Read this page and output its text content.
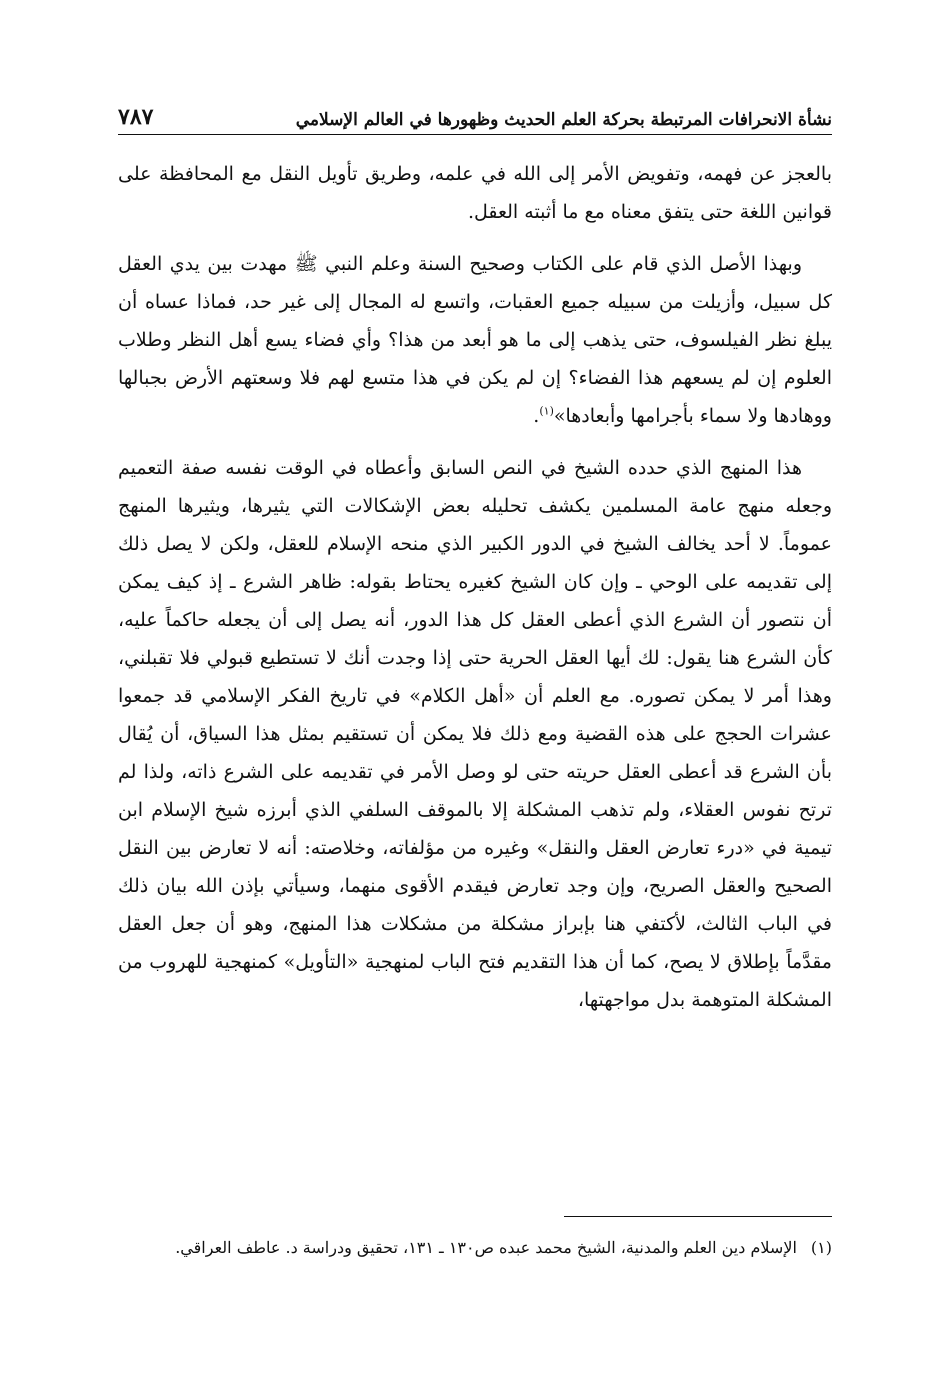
نشأة الانحرافات المرتبطة بحركة العلم الحديث وظهورها في العالم الإسلامي
٧٨٧

بالعجز عن فهمه، وتفويض الأمر إلى الله في علمه، وطريق تأويل النقل مع المحافظة على قوانين اللغة حتى يتفق معناه مع ما أثبته العقل.

وبهذا الأصل الذي قام على الكتاب وصحيح السنة وعلم النبي ﷺ مهدت بين يدي العقل كل سبيل، وأزيلت من سبيله جميع العقبات، واتسع له المجال إلى غير حد، فماذا عساه أن يبلغ نظر الفيلسوف، حتى يذهب إلى ما هو أبعد من هذا؟ وأي فضاء يسع أهل النظر وطلاب العلوم إن لم يسعهم هذا الفضاء؟ إن لم يكن في هذا متسع لهم فلا وسعتهم الأرض بجبالها ووهادها ولا سماء بأجرامها وأبعادها»$^{(١)}$.

هذا المنهج الذي حدده الشيخ في النص السابق وأعطاه في الوقت نفسه صفة التعميم وجعله منهج عامة المسلمين يكشف تحليله بعض الإشكالات التي يثيرها، ويثيرها المنهج عموماً. لا أحد يخالف الشيخ في الدور الكبير الذي منحه الإسلام للعقل، ولكن لا يصل ذلك إلى تقديمه على الوحي ـ وإن كان الشيخ كغيره يحتاط بقوله: ظاهر الشرع ـ إذ كيف يمكن أن نتصور أن الشرع الذي أعطى العقل كل هذا الدور، أنه يصل إلى أن يجعله حاكماً عليه، كأن الشرع هنا يقول: لك أيها العقل الحرية حتى إذا وجدت أنك لا تستطيع قبولي فلا تقبلني، وهذا أمر لا يمكن تصوره. مع العلم أن «أهل الكلام» في تاريخ الفكر الإسلامي قد جمعوا عشرات الحجج على هذه القضية ومع ذلك فلا يمكن أن تستقيم بمثل هذا السياق، أن يُقال بأن الشرع قد أعطى العقل حريته حتى لو وصل الأمر في تقديمه على الشرع ذاته، ولذا لم ترتح نفوس العقلاء، ولم تذهب المشكلة إلا بالموقف السلفي الذي أبرزه شيخ الإسلام ابن تيمية في «درء تعارض العقل والنقل» وغيره من مؤلفاته، وخلاصته: أنه لا تعارض بين النقل الصحيح والعقل الصريح، وإن وجد تعارض فيقدم الأقوى منهما، وسيأتي بإذن الله بيان ذلك في الباب الثالث، لأكتفي هنا بإبراز مشكلة من مشكلات هذا المنهج، وهو أن جعل العقل مقدَّماً بإطلاق لا يصح، كما أن هذا التقديم فتح الباب لمنهجية «التأويل» كمنهجية للهروب من المشكلة المتوهمة بدل مواجهتها،

(١)
الإسلام دين العلم والمدنية، الشيخ محمد عبده ص١٣٠ ـ ١٣١، تحقيق ودراسة د. عاطف العراقي.
